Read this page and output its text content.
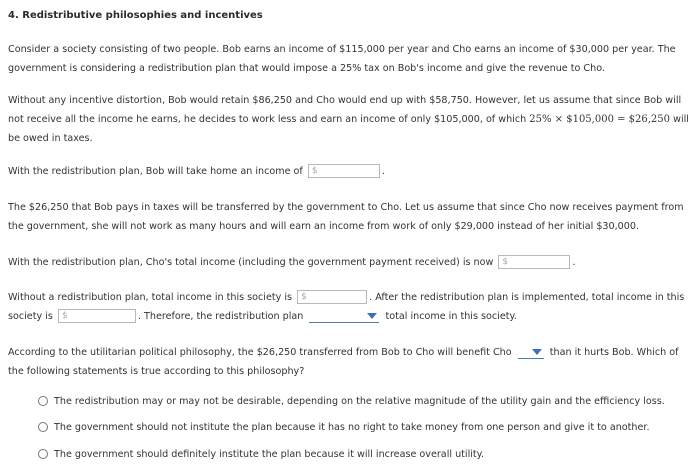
4. Redistributive philosophies and incentives
Consider a society consisting of two people. Bob earns an income of $115,000 per year and Cho earns an income of $30,000 per year. The government is considering a redistribution plan that would impose a 25% tax on Bob's income and give the revenue to Cho.
Without any incentive distortion, Bob would retain $86,250 and Cho would end up with $58,750. However, let us assume that since Bob will not receive all the income he earns, he decides to work less and earn an income of only $105,000, of which 25% × $105,000 = $26,250 will be owed in taxes.
With the redistribution plan, Bob will take home an income of $	.
The $26,250 that Bob pays in taxes will be transferred by the government to Cho. Let us assume that since Cho now receives payment from the government, she will not work as many hours and will earn an income from work of only $29,000 instead of her initial $30,000.
With the redistribution plan, Cho's total income (including the government payment received) is now $	.
Without a redistribution plan, total income in this society is $	. After the redistribution plan is implemented, total income in this society is $	. Therefore, the redistribution plan	total income in this society.
According to the utilitarian political philosophy, the $26,250 transferred from Bob to Cho will benefit Cho	than it hurts Bob. Which of the following statements is true according to this philosophy?
The redistribution may or may not be desirable, depending on the relative magnitude of the utility gain and the efficiency loss.
The government should not institute the plan because it has no right to take money from one person and give it to another.
The government should definitely institute the plan because it will increase overall utility.
